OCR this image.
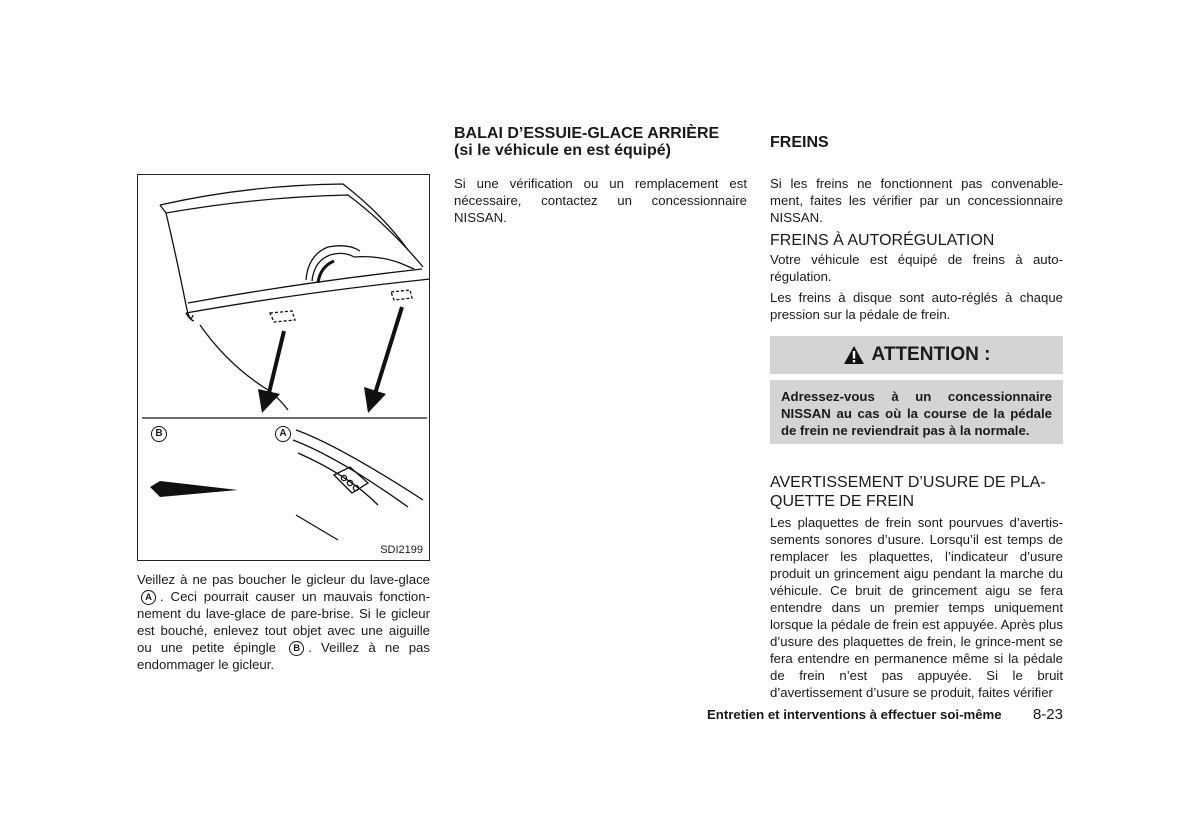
B	A
SDI2199
Veillez à ne pas boucher le gicleur du lave-glace A . Ceci pourrait causer un mauvais fonction-nement du lave-glace de pare-brise. Si le gicleur est bouché, enlevez tout objet avec une aiguille ou une petite épingle B . Veillez à ne pas endommager le gicleur.
BALAI D’ESSUIE-GLACE ARRIÈRE
(si le véhicule en est équipé)

Si une vérification ou un remplacement est nécessaire, contactez un concessionnaire NISSAN.

FREINS

Si les freins ne fonctionnent pas convenable-ment, faites les vérifier par un concessionnaire NISSAN.

FREINS À AUTORÉGULATION

Votre véhicule est équipé de freins à auto-régulation.

Les freins à disque sont auto-réglés à chaque pression sur la pédale de frein.

ATTENTION :
Adressez-vous à un concessionnaire NISSAN au cas où la course de la pédale de frein ne reviendrait pas à la normale.
AVERTISSEMENT D’USURE DE PLA-
QUETTE DE FREIN

Les plaquettes de frein sont pourvues d’avertis-sements sonores d’usure. Lorsqu’il est temps de remplacer les plaquettes, l’indicateur d’usure produit un grincement aigu pendant la marche du véhicule. Ce bruit de grincement aigu se fera entendre dans un premier temps uniquement lorsque la pédale de frein est appuyée. Après plus d’usure des plaquettes de frein, le grince-ment se fera entendre en permanence même si la pédale de frein n’est pas appuyée. Si le bruit d’avertissement d’usure se produit, faites vérifier

Entretien et interventions à effectuer soi-même 8-23
